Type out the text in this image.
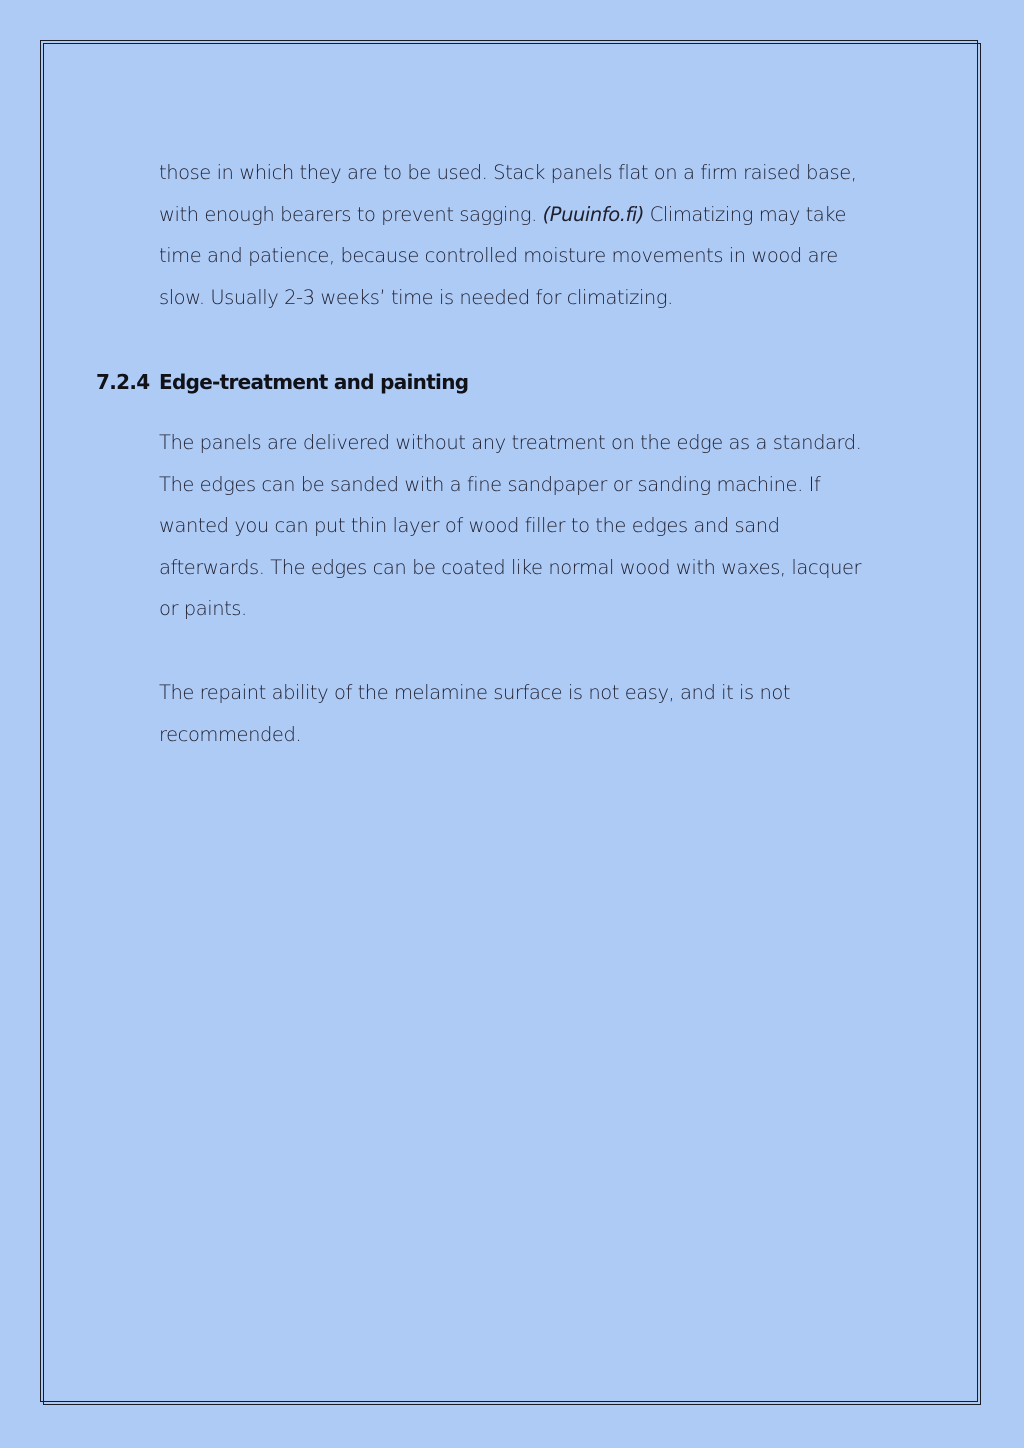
those in which they are to be used. Stack panels flat on a firm raised base,
with enough bearers to prevent sagging. (Puuinfo.fi) Climatizing may take
time and patience, because controlled moisture movements in wood are
slow. Usually 2-3 weeks’ time is needed for climatizing.

7.2.4 Edge-treatment and painting

The panels are delivered without any treatment on the edge as a standard.
The edges can be sanded with a fine sandpaper or sanding machine. If
wanted you can put thin layer of wood filler to the edges and sand
afterwards. The edges can be coated like normal wood with waxes, lacquer
or paints.

The repaint ability of the melamine surface is not easy, and it is not
recommended.
